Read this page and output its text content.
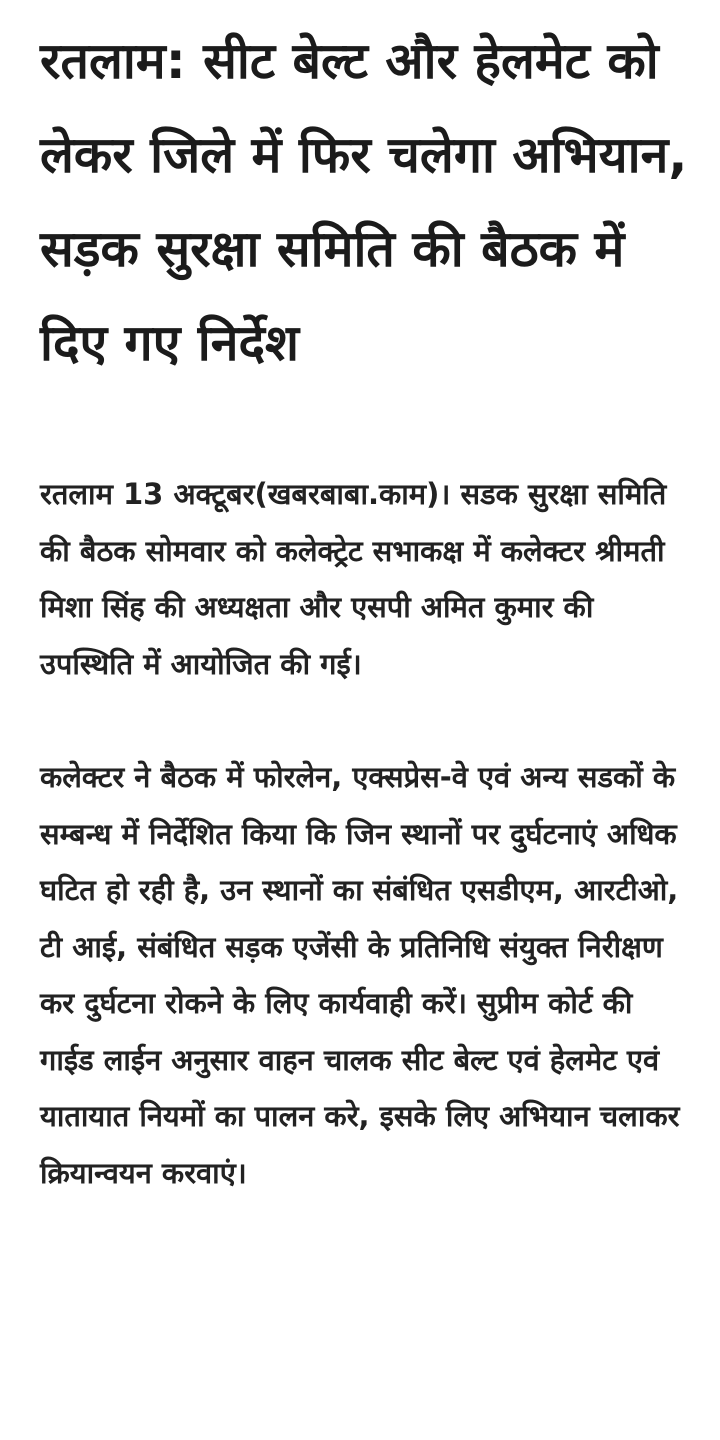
रतलाम: सीट बेल्ट और हेलमेट को लेकर जिले में फिर चलेगा अभियान, सड़क सुरक्षा समिति की बैठक में दिए गए निर्देश

रतलाम 13 अक्टूबर(खबरबाबा.काम)। सडक सुरक्षा समिति की बैठक सोमवार को कलेक्ट्रेट सभाकक्ष में कलेक्टर श्रीमती मिशा सिंह की अध्यक्षता और एसपी अमित कुमार की उपस्थिति में आयोजित की गई।

कलेक्टर ने बैठक में फोरलेन, एक्सप्रेस-वे एवं अन्य सडकों के सम्बन्ध में निर्देशित किया कि जिन स्थानों पर दुर्घटनाएं अधिक घटित हो रही है, उन स्थानों का संबंधित एसडीएम, आरटीओ, टी आई, संबंधित सड़क एजेंसी के प्रतिनिधि संयुक्त निरीक्षण कर दुर्घटना रोकने के लिए कार्यवाही करें। सुप्रीम कोर्ट की गाईड लाईन अनुसार वाहन चालक सीट बेल्ट एवं हेलमेट एवं यातायात नियमों का पालन करे, इसके लिए अभियान चलाकर क्रियान्वयन करवाएं।
